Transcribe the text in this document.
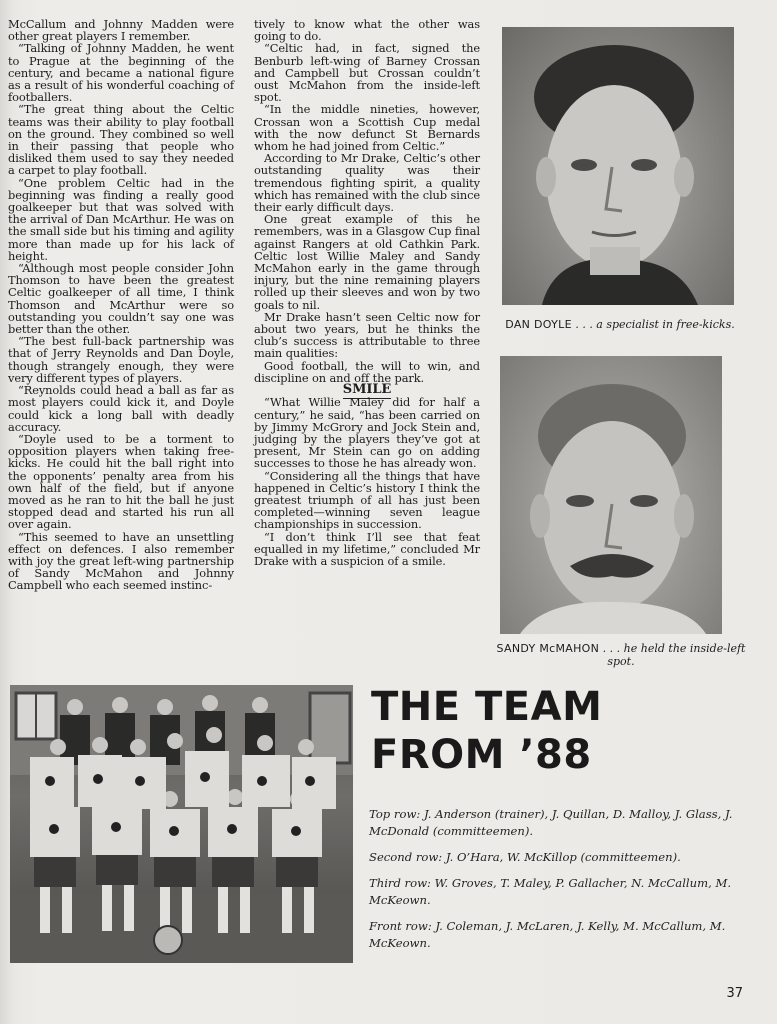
McCallum and Johnny Madden were other great players I remember.

“Talking of Johnny Madden, he went to Prague at the beginning of the century, and became a national figure as a result of his wonderful coaching of footballers.

“The great thing about the Celtic teams was their ability to play football on the ground. They combined so well in their passing that people who disliked them used to say they needed a carpet to play football.

“One problem Celtic had in the beginning was finding a really good goalkeeper but that was solved with the arrival of Dan McArthur. He was on the small side but his timing and agility more than made up for his lack of height.

“Although most people consider John Thomson to have been the greatest Celtic goalkeeper of all time, I think Thomson and McArthur were so outstanding you couldn’t say one was better than the other.

“The best full-back partnership was that of Jerry Reynolds and Dan Doyle, though strangely enough, they were very different types of players.

“Reynolds could head a ball as far as most players could kick it, and Doyle could kick a long ball with deadly accuracy.

“Doyle used to be a torment to opposition players when taking free-kicks. He could hit the ball right into the opponents’ penalty area from his own half of the field, but if anyone moved as he ran to hit the ball he just stopped dead and started his run all over again.

“This seemed to have an unsettling effect on defences. I also remember with joy the great left-wing partnership of Sandy McMahon and Johnny Campbell who each seemed instinc-

tively to know what the other was going to do.

“Celtic had, in fact, signed the Benburb left-wing of Barney Crossan and Campbell but Crossan couldn’t oust McMahon from the inside-left spot.

“In the middle nineties, however, Crossan won a Scottish Cup medal with the now defunct St Bernards whom he had joined from Celtic.”

According to Mr Drake, Celtic’s other outstanding quality was their tremendous fighting spirit, a quality which has remained with the club since their early difficult days.

One great example of this he remembers, was in a Glasgow Cup final against Rangers at old Cathkin Park. Celtic lost Willie Maley and Sandy McMahon early in the game through injury, but the nine remaining players rolled up their sleeves and won by two goals to nil.

Mr Drake hasn’t seen Celtic now for about two years, but he thinks the club’s success is attributable to three main qualities:

Good football, the will to win, and discipline on and off the park.

SMILE

“What Willie Maley did for half a century,” he said, “has been carried on by Jimmy McGrory and Jock Stein and, judging by the players they’ve got at present, Mr Stein can go on adding successes to those he has already won.

“Considering all the things that have happened in Celtic’s history I think the greatest triumph of all has just been completed—winning seven league championships in succession.

“I don’t think I’ll see that feat equalled in my lifetime,” concluded Mr Drake with a suspicion of a smile.

DAN DOYLE . . . a specialist in free-kicks.
SANDY McMAHON . . . he held the inside-left spot.
THE TEAM
FROM ’88

Top row: J. Anderson (trainer), J. Quillan, D. Malloy, J. Glass, J. McDonald (committeemen).

Second row: J. O’Hara, W. McKillop (committeemen).

Third row: W. Groves, T. Maley, P. Gallacher, N. McCallum, M. McKeown.

Front row: J. Coleman, J. McLaren, J. Kelly, M. McCallum, M. McKeown.

37
